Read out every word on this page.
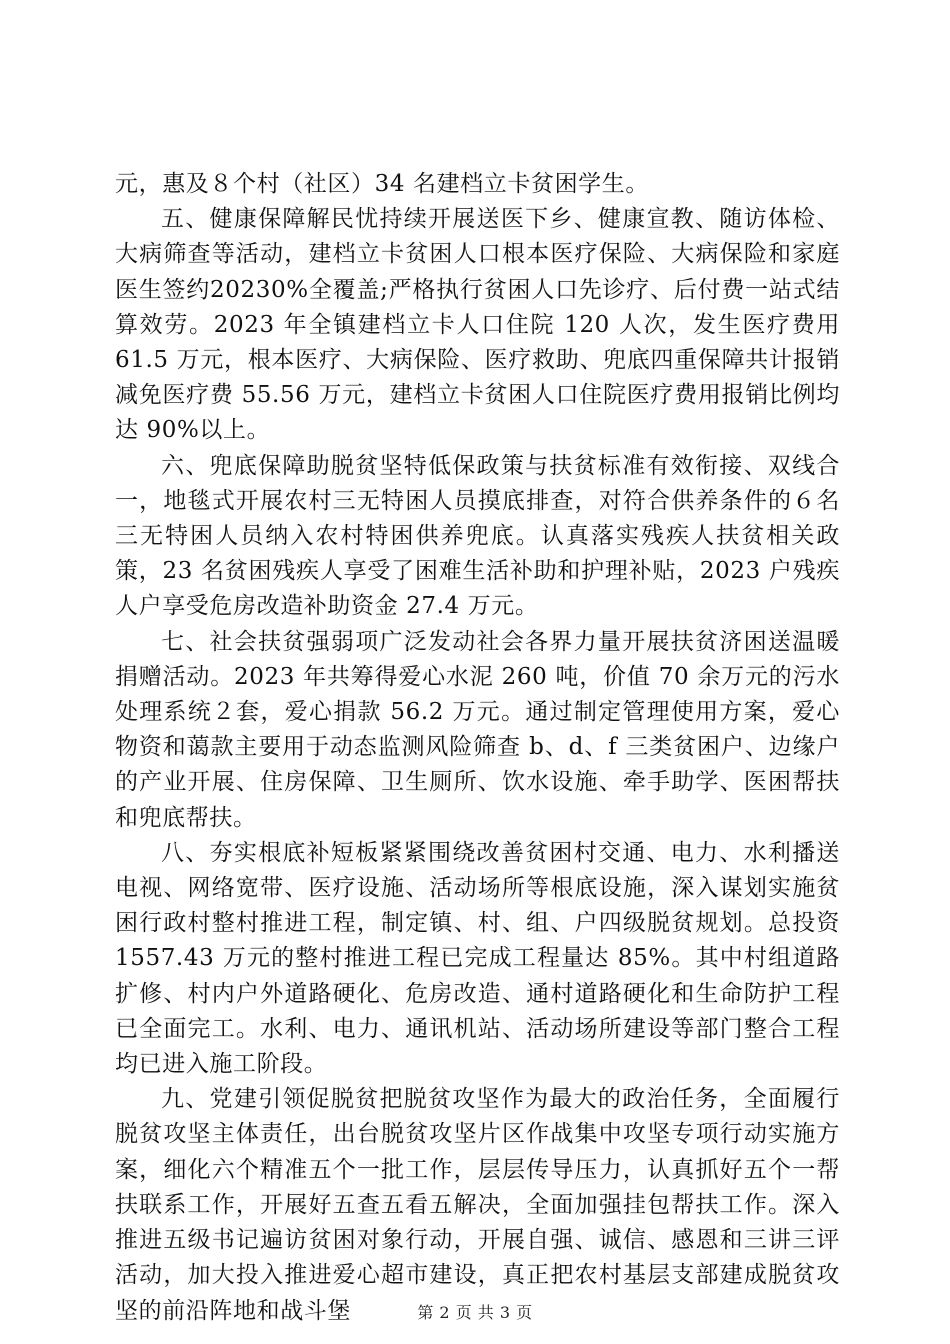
元，惠及８个村（社区）34 名建档立卡贫困学生。

五、健康保障解民忧持续开展送医下乡、健康宣教、随访体检、大病筛查等活动，建档立卡贫困人口根本医疗保险、大病保险和家庭医生签约20230%全覆盖;严格执行贫困人口先诊疗、后付费一站式结算效劳。2023 年全镇建档立卡人口住院 120 人次，发生医疗费用 61.5 万元，根本医疗、大病保险、医疗救助、兜底四重保障共计报销减免医疗费 55.56 万元，建档立卡贫困人口住院医疗费用报销比例均达 90%以上。

六、兜底保障助脱贫坚特低保政策与扶贫标准有效衔接、双线合一，地毯式开展农村三无特困人员摸底排查，对符合供养条件的６名三无特困人员纳入农村特困供养兜底。认真落实残疾人扶贫相关政策，23 名贫困残疾人享受了困难生活补助和护理补贴，2023 户残疾人户享受危房改造补助资金 27.4 万元。

七、社会扶贫强弱项广泛发动社会各界力量开展扶贫济困送温暖捐赠活动。2023 年共筹得爱心水泥 260 吨，价值 70 余万元的污水处理系统２套，爱心捐款 56.2 万元。通过制定管理使用方案，爱心物资和蔼款主要用于动态监测风险筛查 b、d、f 三类贫困户、边缘户的产业开展、住房保障、卫生厕所、饮水设施、牵手助学、医困帮扶和兜底帮扶。

八、夯实根底补短板紧紧围绕改善贫困村交通、电力、水利播送电视、网络宽带、医疗设施、活动场所等根底设施，深入谋划实施贫困行政村整村推进工程，制定镇、村、组、户四级脱贫规划。总投资 1557.43 万元的整村推进工程已完成工程量达 85%。其中村组道路扩修、村内户外道路硬化、危房改造、通村道路硬化和生命防护工程已全面完工。水利、电力、通讯机站、活动场所建设等部门整合工程均已进入施工阶段。

九、党建引领促脱贫把脱贫攻坚作为最大的政治任务，全面履行脱贫攻坚主体责任，出台脱贫攻坚片区作战集中攻坚专项行动实施方案，细化六个精准五个一批工作，层层传导压力，认真抓好五个一帮扶联系工作，开展好五查五看五解决，全面加强挂包帮扶工作。深入推进五级书记遍访贫困对象行动，开展自强、诚信、感恩和三讲三评活动，加大投入推进爱心超市建设，真正把农村基层支部建成脱贫攻坚的前沿阵地和战斗堡	第 2 页 共 3 页
